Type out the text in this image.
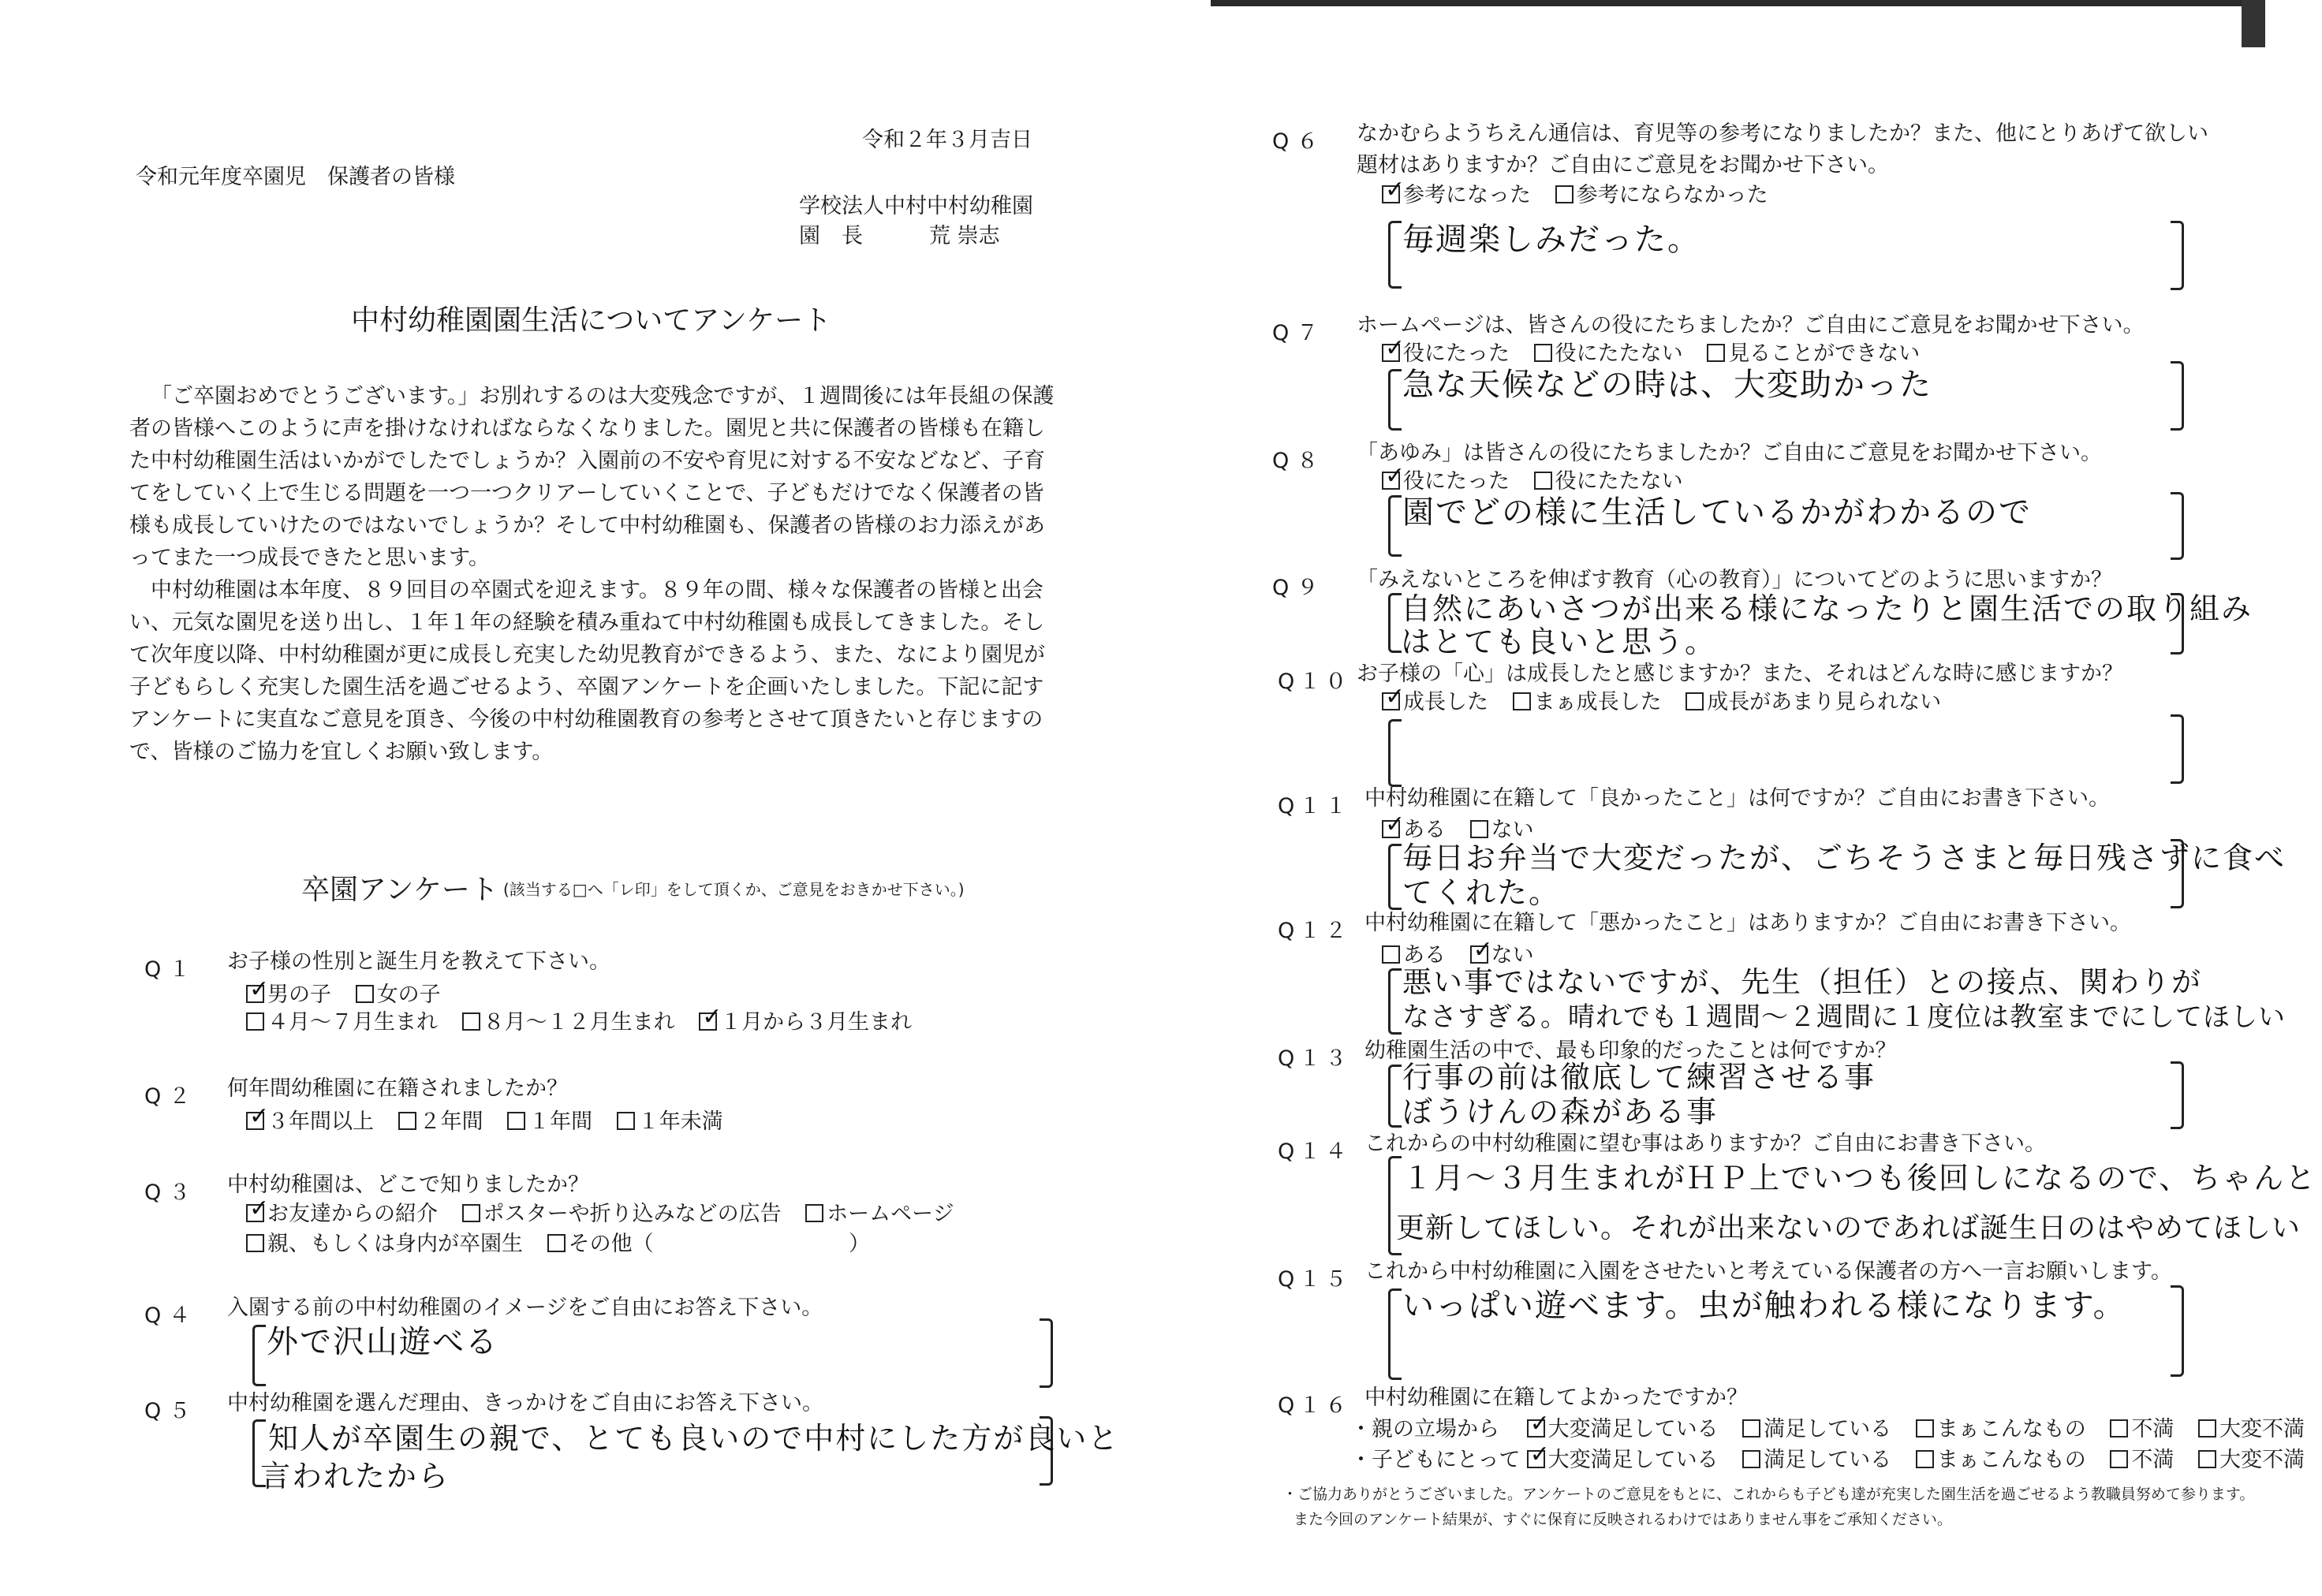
令和２年３月吉日
令和元年度卒園児　保護者の皆様
学校法人中村中村幼稚園
園　長	荒 崇志
中村幼稚園園生活についてアンケート

「ご卒園おめでとうございます。」お別れするのは大変残念ですが、１週間後には年長組の保護者の皆様へこのように声を掛けなければならなくなりました。園児と共に保護者の皆様も在籍した中村幼稚園生活はいかがでしたでしょうか？入園前の不安や育児に対する不安などなど、子育てをしていく上で生じる問題を一つ一つクリアーしていくことで、子どもだけでなく保護者の皆様も成長していけたのではないでしょうか？そして中村幼稚園も、保護者の皆様のお力添えがあってまた一つ成長できたと思います。

中村幼稚園は本年度、８９回目の卒園式を迎えます。８９年の間、様々な保護者の皆様と出会い、元気な園児を送り出し、１年１年の経験を積み重ねて中村幼稚園も成長してきました。そして次年度以降、中村幼稚園が更に成長し充実した幼児教育ができるよう、また、なにより園児が子どもらしく充実した園生活を過ごせるよう、卒園アンケートを企画いたしました。下記に記すアンケートに実直なご意見を頂き、今後の中村幼稚園教育の参考とさせて頂きたいと存じますので、皆様のご協力を宜しくお願い致します。

卒園アンケート (該当する□へ「レ印」をして頂くか、ご意見をおきかせ下さい。)
Q１ お子様の性別と誕生月を教えて下さい。
✓男の子 女の子
４月〜７月生まれ ８月〜１２月生まれ ✓ １月から３月生まれ
Q２ 何年間幼稚園に在籍されましたか？
✓３年間以上 ２年間 １年間 １年未満
Q３ 中村幼稚園は、どこで知りましたか？
✓お友達からの紹介 ポスターや折り込みなどの広告 ホームページ
親、もしくは身内が卒園生 その他（	）
Q４ 入園する前の中村幼稚園のイメージをご自由にお答え下さい。
外で沢山遊べる
Q５ 中村幼稚園を選んだ理由、きっかけをご自由にお答え下さい。
知人が卒園生の親で、とても良いので中村にした方が良いと
言われたから
Q６ なかむらようちえん通信は、育児等の参考になりましたか？また、他にとりあげて欲しい
題材はありますか？ご自由にご意見をお聞かせ下さい。
✓参考になった 参考にならなかった
毎週楽しみだった。
Q７ ホームページは、皆さんの役にたちましたか？ご自由にご意見をお聞かせ下さい。
✓役にたった 役にたたない 見ることができない
急な天候などの時は、大変助かった
Q８ 「あゆみ」は皆さんの役にたちましたか？ご自由にご意見をお聞かせ下さい。
✓役にたった 役にたたない
園でどの様に生活しているかがわかるので
Q９ 「みえないところを伸ばす教育（心の教育）」についてどのように思いますか？
自然にあいさつが出来る様になったりと園生活での取り組み
はとても良いと思う。
Q１０ お子様の「心」は成長したと感じますか？また、それはどんな時に感じますか？
✓成長した まぁ成長した 成長があまり見られない
Q１１ 中村幼稚園に在籍して「良かったこと」は何ですか？ご自由にお書き下さい。
✓ある ない
毎日お弁当で大変だったが、ごちそうさまと毎日残さずに食べ
てくれた。
Q１２ 中村幼稚園に在籍して「悪かったこと」はありますか？ご自由にお書き下さい。
ある ✓ ない
悪い事ではないですが、先生（担任）との接点、関わりが
なさすぎる。晴れでも１週間〜２週間に１度位は教室までにしてほしい
Q１３ 幼稚園生活の中で、最も印象的だったことは何ですか？
行事の前は徹底して練習させる事
ぼうけんの森がある事
Q１４ これからの中村幼稚園に望む事はありますか？ご自由にお書き下さい。
１月〜３月生まれがＨＰ上でいつも後回しになるので、ちゃんと
更新してほしい。それが出来ないのであれば誕生日のはやめてほしい
Q１５ これから中村幼稚園に入園をさせたいと考えている保護者の方へ一言お願いします。
いっぱい遊べます。虫が触われる様になります。
Q１６ 中村幼稚園に在籍してよかったですか？
・親の立場から ✓ 大変満足している 満足している まぁこんなもの 不満 大変不満
・子どもにとって ✓ 大変満足している 満足している まぁこんなもの 不満 大変不満
・ご協力ありがとうございました。アンケートのご意見をもとに、これからも子ども達が充実した園生活を過ごせるよう教職員努めて参ります。
また今回のアンケート結果が、すぐに保育に反映されるわけではありません事をご承知ください。
